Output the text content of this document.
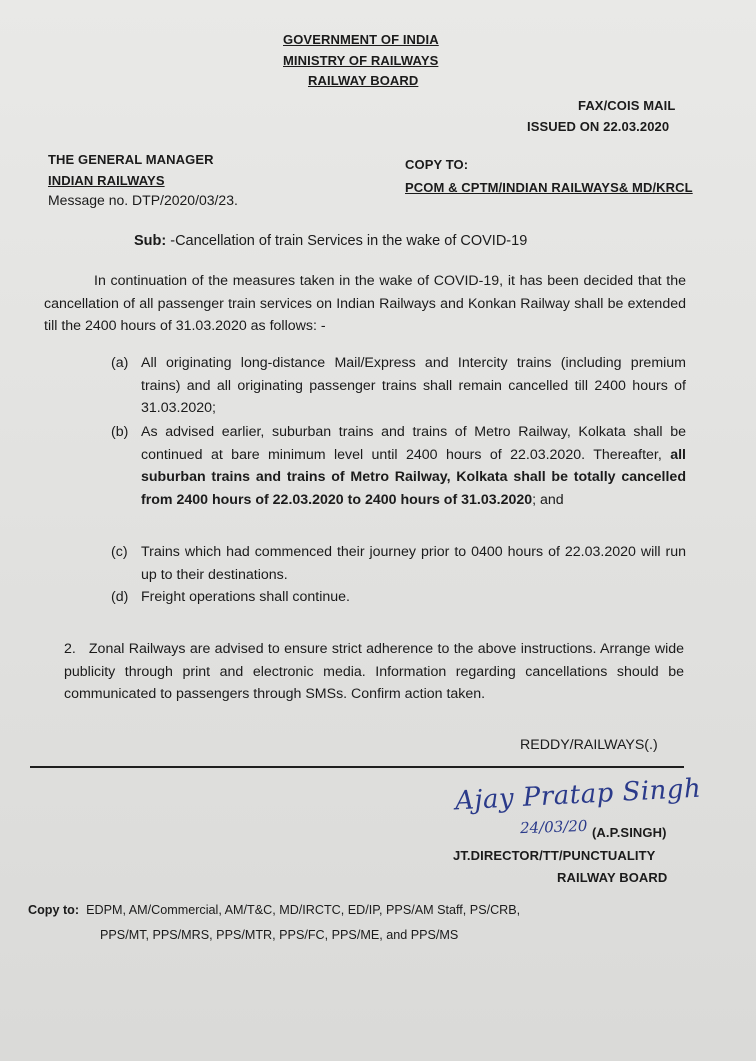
GOVERNMENT OF INDIA
MINISTRY OF RAILWAYS
RAILWAY BOARD
FAX/COIS MAIL
ISSUED ON 22.03.2020
THE GENERAL MANAGER
INDIAN RAILWAYS
Message no. DTP/2020/03/23.
COPY TO:
PCOM & CPTM/INDIAN RAILWAYS& MD/KRCL
Sub: -Cancellation of train Services in the wake of COVID-19
In continuation of the measures taken in the wake of COVID-19, it has been decided that the cancellation of all passenger train services on Indian Railways and Konkan Railway shall be extended till the 2400 hours of 31.03.2020 as follows: -
(a) All originating long-distance Mail/Express and Intercity trains (including premium trains) and all originating passenger trains shall remain cancelled till 2400 hours of 31.03.2020;
(b) As advised earlier, suburban trains and trains of Metro Railway, Kolkata shall be continued at bare minimum level until 2400 hours of 22.03.2020. Thereafter, all suburban trains and trains of Metro Railway, Kolkata shall be totally cancelled from 2400 hours of 22.03.2020 to 2400 hours of 31.03.2020; and
(c) Trains which had commenced their journey prior to 0400 hours of 22.03.2020 will run up to their destinations.
(d) Freight operations shall continue.
2. Zonal Railways are advised to ensure strict adherence to the above instructions. Arrange wide publicity through print and electronic media. Information regarding cancellations should be communicated to passengers through SMSs. Confirm action taken.
REDDY/RAILWAYS(.)
Ajay Pratap Singh
24/03/20 (A.P.SINGH)
JT.DIRECTOR/TT/PUNCTUALITY
RAILWAY BOARD
Copy to: EDPM, AM/Commercial, AM/T&C, MD/IRCTC, ED/IP, PPS/AM Staff, PS/CRB,
PPS/MT, PPS/MRS, PPS/MTR, PPS/FC, PPS/ME, and PPS/MS
